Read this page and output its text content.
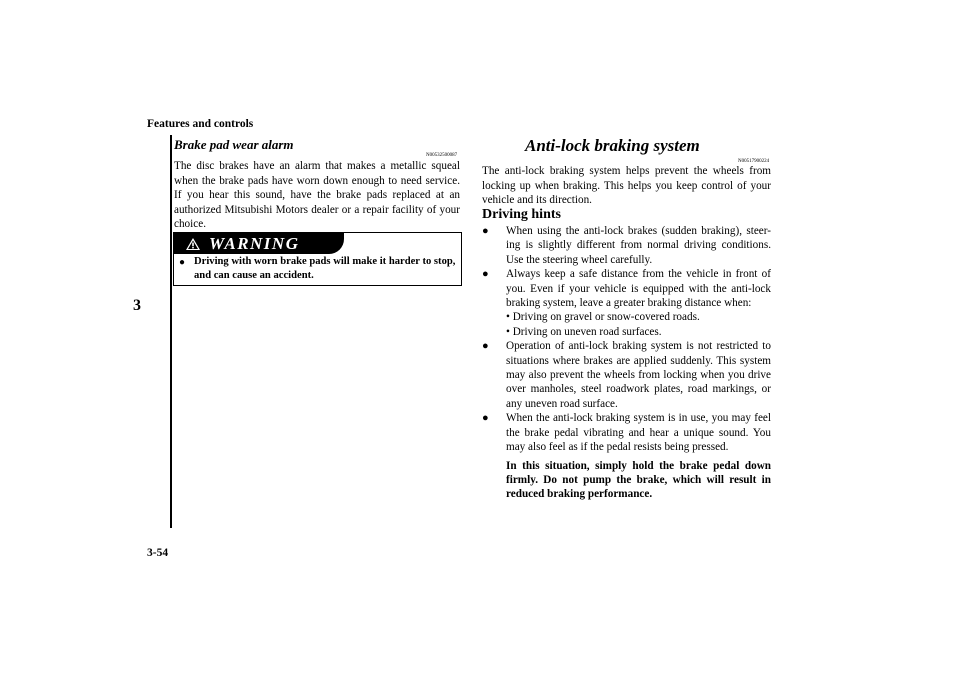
Features and controls
3
Brake pad wear alarm
N00532500087
The disc brakes have an alarm that makes a metallic squeal when the brake pads have worn down enough to need service. If you hear this sound, have the brake pads replaced at an authorized Mitsubishi Motors dealer or a repair facility of your choice.
WARNING
● Driving with worn brake pads will make it harder to stop, and can cause an accident.
Anti-lock braking system
N00517900224
The anti-lock braking system helps prevent the wheels from locking up when braking. This helps you keep control of your vehicle and its direction.
Driving hints
●	When using the anti-lock brakes (sudden braking), steer-ing is slightly different from normal driving conditions. Use the steering wheel carefully.
●	Always keep a safe distance from the vehicle in front of you. Even if your vehicle is equipped with the anti-lock braking system, leave a greater braking distance when:
• Driving on gravel or snow-covered roads.
• Driving on uneven road surfaces.
●	Operation of anti-lock braking system is not restricted to situations where brakes are applied suddenly. This system may also prevent the wheels from locking when you drive over manholes, steel roadwork plates, road markings, or any uneven road surface.
●	When the anti-lock braking system is in use, you may feel the brake pedal vibrating and hear a unique sound. You may also feel as if the pedal resists being pressed.
In this situation, simply hold the brake pedal down firmly. Do not pump the brake, which will result in reduced braking performance.
3-54
